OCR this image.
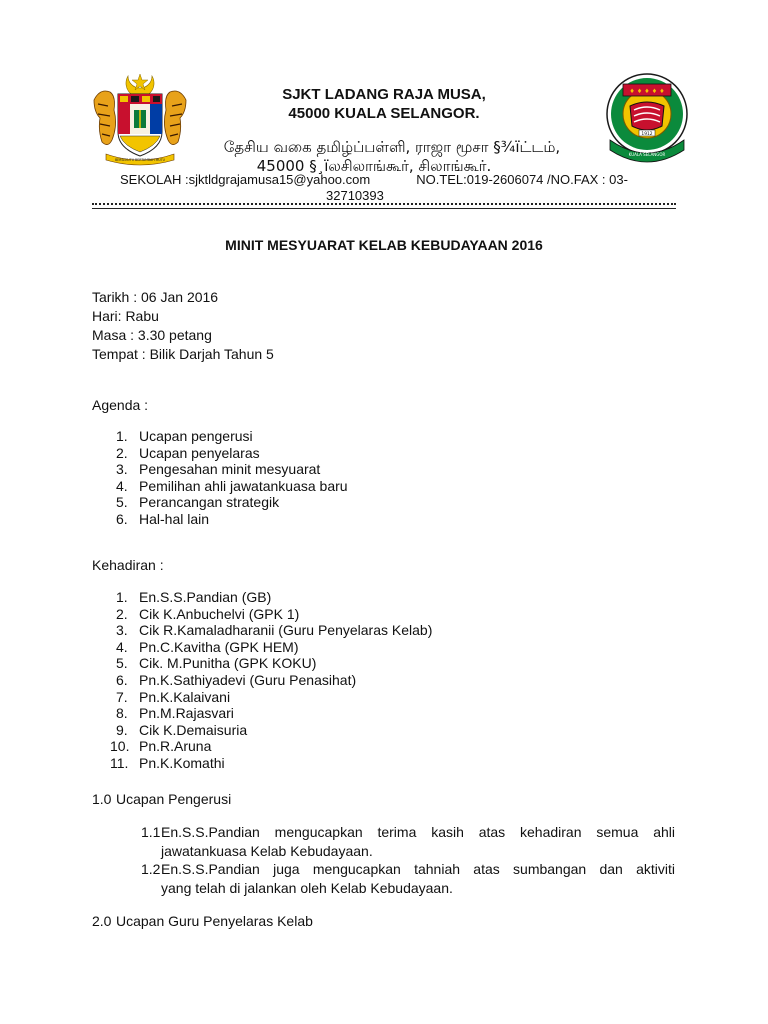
BERSEKUTU BERTAMBAH MUTU
♦ ♦ ♦ ♦ ♦
1912
KUALA SELANGOR
SJKT LADANG RAJA MUSA,
45000 KUALA SELANGOR.
தேசிய வகை தமிழ்ப்பள்ளி, ராஜா மூசா §¾ïட்டம்,
45000 §¸ïலசிலாங்கூர், சிலாங்கூர்.
SEKOLAH :sjktldgrajamusa15@yahoo.com	NO.TEL:019-2606074 /NO.FAX : 03-
32710393
MINIT MESYUARAT KELAB KEBUDAYAAN 2016
Tarikh : 06 Jan 2016
Hari: Rabu
Masa : 3.30 petang
Tempat : Bilik Darjah Tahun 5
Agenda :
1. Ucapan pengerusi
2. Ucapan penyelaras
3. Pengesahan minit mesyuarat
4. Pemilihan ahli jawatankuasa baru
5. Perancangan strategik
6. Hal-hal lain
Kehadiran :
1. En.S.S.Pandian (GB)
2. Cik K.Anbuchelvi (GPK 1)
3. Cik R.Kamaladharanii (Guru Penyelaras Kelab)
4. Pn.C.Kavitha (GPK HEM)
5. Cik. M.Punitha (GPK KOKU)
6. Pn.K.Sathiyadevi (Guru Penasihat)
7. Pn.K.Kalaivani
8. Pn.M.Rajasvari
9. Cik K.Demaisuria
10. Pn.R.Aruna
11. Pn.K.Komathi
1.0 Ucapan Pengerusi
1.1 En.S.S.Pandian mengucapkan terima kasih atas kehadiran semua ahli
jawatankuasa Kelab Kebudayaan.
1.2 En.S.S.Pandian juga mengucapkan tahniah atas sumbangan dan aktiviti
yang telah di jalankan oleh Kelab Kebudayaan.
2.0 Ucapan Guru Penyelaras Kelab
